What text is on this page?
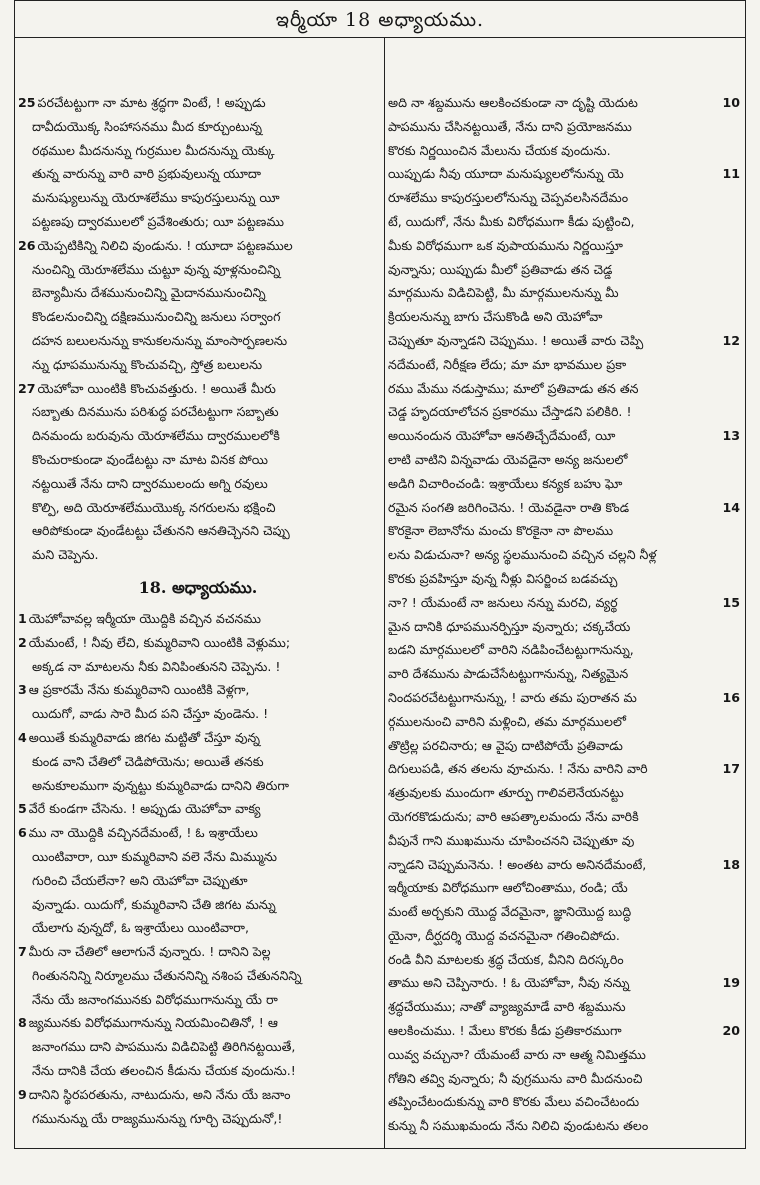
ఇర్మీయా 18 అధ్యాయము.
25 పరచేటట్టుగా నా మాట శ్రద్ధగా వింటే, ! అప్పుడు
దావీదుయొక్క సింహాసనము మీద కూర్చుంటున్న
రథముల మీదనున్ను గుర్రముల మీదనున్ను యెక్కు
తున్న వారున్ను వారి వారి ప్రభువులున్న యూదా
మనుష్యులున్ను యెరూశలేము కాపురస్తులున్ను యీ
పట్టణపు ద్వారములలో ప్రవేశింతురు; యీ పట్టణము
26 యెప్పటికిన్ని నిలిచి వుండును. ! యూదా పట్టణముల
నుంచిన్ని యెరూశలేము చుట్టూ వున్న వూళ్లనుంచిన్ని
బెన్యామీను దేశమునుంచిన్ని మైదానమునుంచిన్ని
కొండలనుంచిన్ని దక్షిణమునుంచిన్ని జనులు సర్వాంగ
దహన బలులనున్ను కానుకలనున్ను మాంసార్పణలను
న్ను ధూపమునున్ను కొంచువచ్చి, స్తోత్ర బలులను
27 యెహోవా యింటికి కొంచువత్తురు. ! అయితే మీరు
సబ్బాతు దినమును పరిశుద్ధ పరచేటట్టుగా సబ్బాతు
దినమందు బరువును యెరూశలేము ద్వారములలోకి
కొంచురాకుండా వుండేటట్టు నా మాట వినక పోయి
నట్టయితే నేను దాని ద్వారములందు అగ్ని రవులు
కొల్పి, అది యెరూశలేముయొక్క నగరులను భక్షించి
ఆరిపోకుండా వుండేటట్టు చేతునని ఆనతిచ్చెనని చెప్పు
మని చెప్పెను.
18. అధ్యాయము.
1 యెహోవావల్ల ఇర్మీయా యొద్దికి వచ్చిన వచనము
2 యేమంటే, ! నీవు లేచి, కుమ్మరివాని యింటికి వెళ్లుము;
అక్కడ నా మాటలను నీకు వినిపింతునని చెప్పెను. !
3 ఆ ప్రకారమే నేను కుమ్మరివాని యింటికి వెళ్లగా,
యిదుగో, వాడు సారె మీద పని చేస్తూ వుండెను. !
4 అయితే కుమ్మరివాడు జిగట మట్టితో చేస్తూ వున్న
కుండ వాని చేతిలో చెడిపోయెను; అయితే తనకు
అనుకూలముగా వున్నట్టు కుమ్మరివాడు దానిని తిరుగా
5 వేరే కుండగా చేసెను. ! అప్పుడు యెహోవా వాక్య
6 ము నా యొద్దికి వచ్చినదేమంటే, ! ఓ ఇశ్రాయేలు
యింటివారా, యీ కుమ్మరివాని వలె నేను మిమ్మును
గురించి చేయలేనా? అని యెహోవా చెప్పుతూ
వున్నాడు. యిదుగో, కుమ్మరివాని చేతి జిగట మన్ను
యేలాగు వున్నదో, ఓ ఇశ్రాయేలు యింటివారా,
7 మీరు నా చేతిలో ఆలాగునే వున్నారు. ! దానిని పెల్ల
గింతుననిన్ని నిర్మూలము చేతుననిన్ని నశింప చేతుననిన్ని
నేను యే జనాంగమునకు విరోధముగానున్ను యే రా
8 జ్యమునకు విరోధముగానున్ను నియమించితినో, ! ఆ
జనాంగము దాని పాపమును విడిచిపెట్టి తిరిగినట్టయితే,
నేను దానికి చేయ తలంచిన కీడును చేయక వుందును.!
9 దానిని స్థిరపరతును, నాటుదును, అని నేను యే జనాం
గమునున్ను యే రాజ్యమునున్ను గూర్చి చెప్పుదునో,!
అది నా శబ్దమును ఆలకించకుండా నా దృష్టి యెదుట	10
పాపమును చేసినట్టయితే, నేను దాని ప్రయోజనము
కొరకు నిర్ణయించిన మేలును చేయక వుందును.
యిప్పుడు నీవు యూదా మనుష్యులలోనున్ను యె	11
రూశలేము కాపురస్తులలోనున్ను చెప్పవలసినదేమం
టే, యిదుగో, నేను మీకు విరోధముగా కీడు పుట్టించి,
మీకు విరోధముగా ఒక వుపాయమును నిర్ణయిస్తూ
వున్నాను; యిప్పుడు మీలో ప్రతివాడు తన చెడ్డ
మార్గమును విడిచిపెట్టి, మీ మార్గములనున్ను మీ
క్రియలనున్ను బాగు చేసుకొండి అని యెహోవా
చెప్పుతూ వున్నాడని చెప్పుము. ! అయితే వారు చెప్పి	12
నదేమంటే, నిరీక్షణ లేదు; మా మా భావముల ప్రకా
రము మేము నడుస్తాము; మాలో ప్రతివాడు తన తన
చెడ్డ హృదయాలోచన ప్రకారము చేస్తాడని పలికిరి. !
అయినందున యెహోవా ఆనతిచ్చేదేమంటే, యీ	13
లాటి వాటిని విన్నవాడు యెవడైనా అన్య జనులలో
అడిగి విచారించండి: ఇశ్రాయేలు కన్యక బహు ఘో
రమైన సంగతి జరిగించెను. ! యెవడైనా రాతి కొండ	14
కొరకైనా లెబానోను మంచు కొరకైనా నా పొలము
లను విడుచునా? అన్య స్థలమునుంచి వచ్చిన చల్లని నీళ్ల
కొరకు ప్రవహిస్తూ వున్న నీళ్లు విసర్జించ బడవచ్చు
నా? ! యేమంటే నా జనులు నన్ను మరచి, వ్యర్థ	15
మైన దానికి ధూపమునర్పిస్తూ వున్నారు; చక్కచేయ
బడని మార్గములలో వారిని నడిపించేటట్టుగానున్ను,
వారి దేశమును పాడుచేసేటట్టుగానున్ను, నిత్యమైన
నిందపరచేటట్టుగానున్ను, ! వారు తమ పురాతన మ	16
ర్గములనుంచి వారిని మళ్లించి, తమ మార్గములలో
తొట్రిల్ల పరచినారు; ఆ వైపు దాటిపోయే ప్రతివాడు
దిగులుపడి, తన తలను వూచును. ! నేను వారిని వారి	17
శత్రువులకు ముందుగా తూర్పు గాలివలెనేయనట్టు
యెగరకొడుదును; వారి ఆపత్కాలమందు నేను వారికి
వీపునే గాని ముఖమును చూపించనని చెప్పుతూ వు
న్నాడని చెప్పుమనెను. ! అంతట వారు అనినదేమంటే,	18
ఇర్మీయాకు విరోధముగా ఆలోచింతాము, రండి; యే
మంటే అర్చకుని యొద్ద వేదమైనా, జ్ఞానియొద్ద బుద్ధి
యైనా, దీర్ఘదర్శి యొద్ద వచనమైనా గతించిపోదు.
రండి వీని మాటలకు శ్రద్ధ చేయక, వీనిని దిరస్కరిం
తాము అని చెప్పినారు. ! ఓ యెహోవా, నీవు నన్ను	19
శ్రద్ధచేయుము; నాతో వ్యాజ్యమాడే వారి శబ్దమును
ఆలకించుము. ! మేలు కొరకు కీడు ప్రతికారముగా	20
యివ్వ వచ్చునా? యేమంటే వారు నా ఆత్మ నిమిత్తము
గోతిని తవ్వి వున్నారు; నీ వుగ్రమును వారి మీదనుంచి
తప్పించేటందుకున్ను వారి కొరకు మేలు వచించేటందు
కున్ను నీ సముఖమందు నేను నిలిచి వుండుటను తలం
